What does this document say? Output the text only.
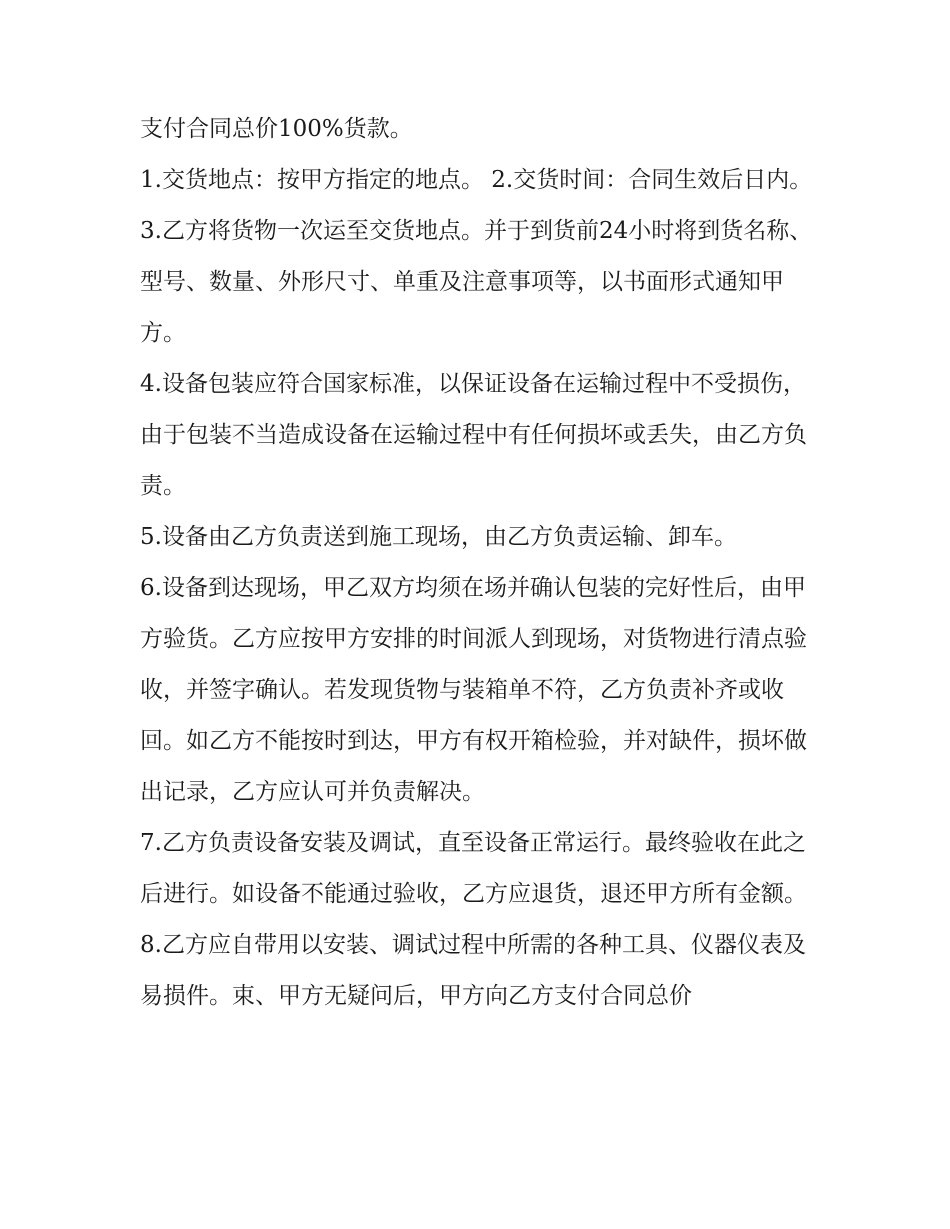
支付合同总价100%货款。

1.交货地点：按甲方指定的地点。 2.交货时间：合同生效后日内。

3.乙方将货物一次运至交货地点。并于到货前24小时将到货名称、型号、数量、外形尺寸、单重及注意事项等，以书面形式通知甲方。

4.设备包装应符合国家标准，以保证设备在运输过程中不受损伤，由于包装不当造成设备在运输过程中有任何损坏或丢失，由乙方负责。

5.设备由乙方负责送到施工现场，由乙方负责运输、卸车。

6.设备到达现场，甲乙双方均须在场并确认包装的完好性后，由甲方验货。乙方应按甲方安排的时间派人到现场，对货物进行清点验收，并签字确认。若发现货物与装箱单不符，乙方负责补齐或收回。如乙方不能按时到达，甲方有权开箱检验，并对缺件，损坏做出记录，乙方应认可并负责解决。

7.乙方负责设备安装及调试，直至设备正常运行。最终验收在此之后进行。如设备不能通过验收，乙方应退货，退还甲方所有金额。

8.乙方应自带用以安装、调试过程中所需的各种工具、仪器仪表及易损件。束、甲方无疑问后，甲方向乙方支付合同总价
